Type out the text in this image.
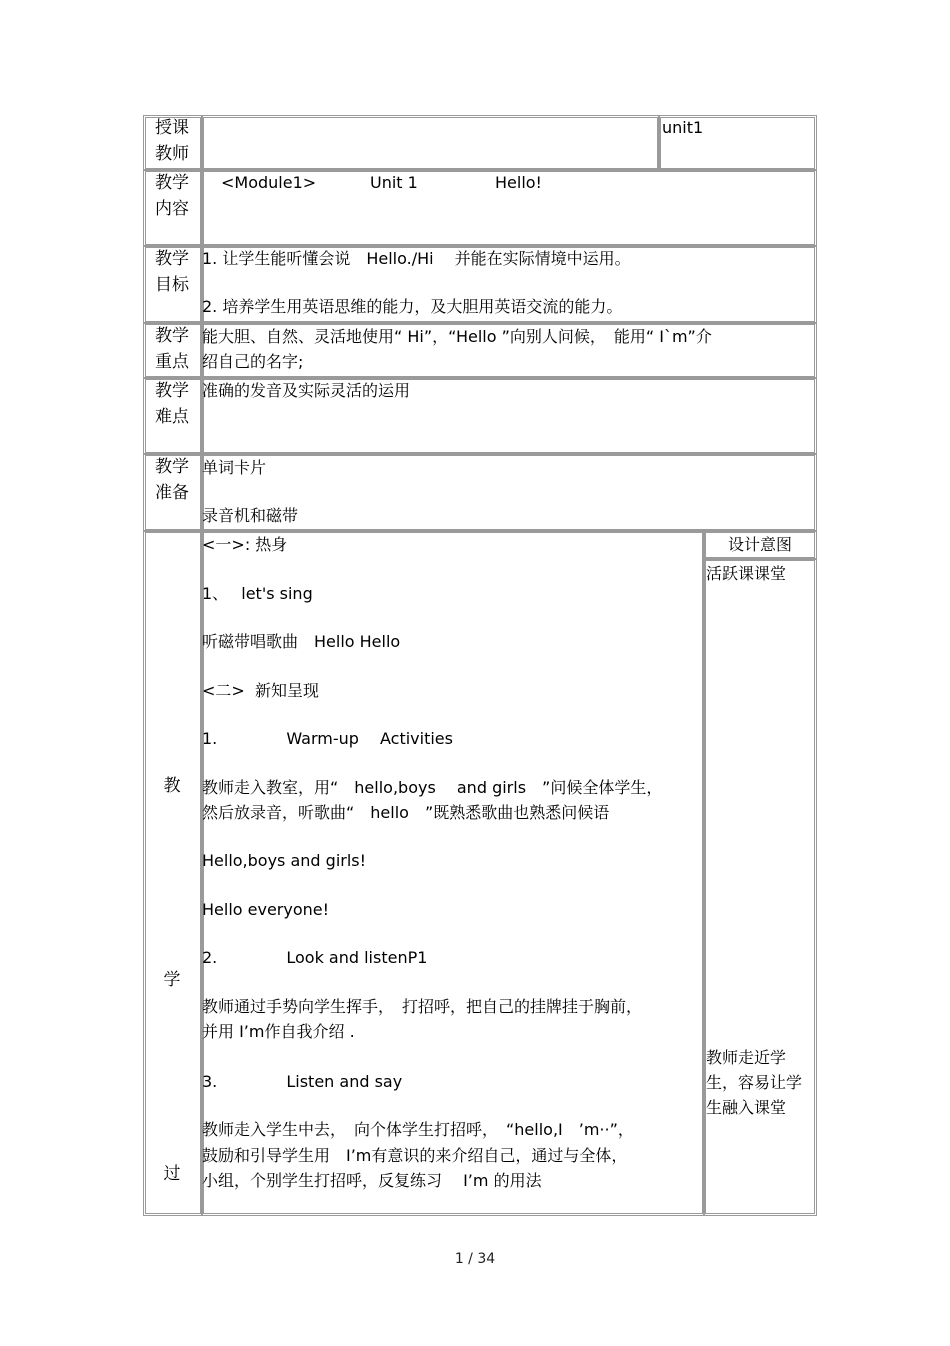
授课
教师
unit1
教学
内容
<Module1>	Unit 1	Hello!
教学
目标
1. 让学生能听懂会说　Hello./Hi　 并能在实际情境中运用。
2. 培养学生用英语思维的能力，及大胆用英语交流的能力。
教学
重点
能大胆、自然、灵活地使用“ Hi”，“Hello ”向别人问候，　能用“ I`m”介
绍自己的名字;
教学
难点
准确的发音及实际灵活的运用
教学
准备
单词卡片
录音机和磁带
教
学
过
设计意图
活跃课课堂
教师走近学
生，容易让学
生融入课堂
<一>: 热身
1、　 let's sing
听磁带唱歌曲　Hello Hello
<二>  新知呈现
1.　　　　 Warm-up　 Activities
教师走入教室，用“　hello,boys　 and girls　”问候全体学生，
然后放录音，听歌曲“　hello　”既熟悉歌曲也熟悉问候语
Hello,boys and girls!
Hello everyone!
2.　　　　 Look and listenP1
教师通过手势向学生挥手，　打招呼，把自己的挂牌挂于胸前，
并用 I’m作自我介绍 .
3.　　　　 Listen and say
教师走入学生中去，　向个体学生打招呼，　“hello,I　’m··”，
鼓励和引导学生用　I’m有意识的来介绍自己，通过与全体，
小组，个别学生打招呼，反复练习　 I’m 的用法
1 / 34
